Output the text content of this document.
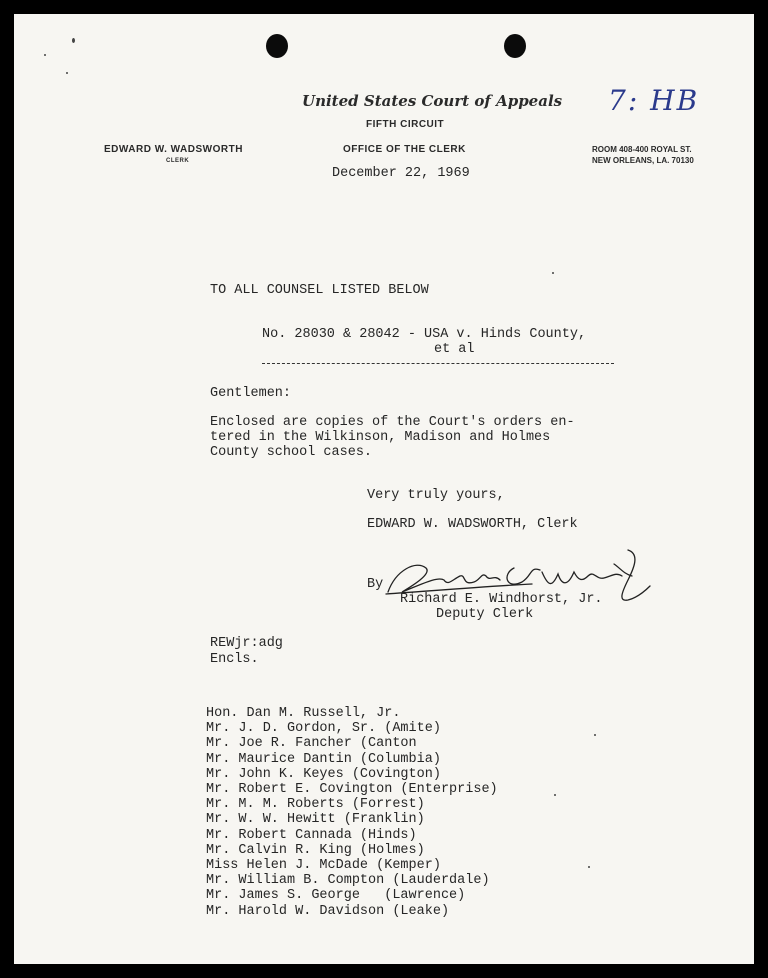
United States Court of Appeals
FIFTH CIRCUIT
OFFICE OF THE CLERK
EDWARD W. WADSWORTH
CLERK
ROOM 408-400 ROYAL ST.
NEW ORLEANS, LA. 70130
7: HB
December 22, 1969
TO ALL COUNSEL LISTED BELOW
No. 28030 & 28042 - USA v. Hinds County,
et al
Gentlemen:
Enclosed are copies of the Court's orders en-
tered in the Wilkinson, Madison and Holmes
County school cases.
Very truly yours,
EDWARD W. WADSWORTH, Clerk
By
Richard E. Windhorst, Jr.
Deputy Clerk
REWjr:adg
Encls.
Hon. Dan M. Russell, Jr.
Mr. J. D. Gordon, Sr. (Amite)
Mr. Joe R. Fancher (Canton
Mr. Maurice Dantin (Columbia)
Mr. John K. Keyes (Covington)
Mr. Robert E. Covington (Enterprise)
Mr. M. M. Roberts (Forrest)
Mr. W. W. Hewitt (Franklin)
Mr. Robert Cannada (Hinds)
Mr. Calvin R. King (Holmes)
Miss Helen J. McDade (Kemper)
Mr. William B. Compton (Lauderdale)
Mr. James S. George   (Lawrence)
Mr. Harold W. Davidson (Leake)
